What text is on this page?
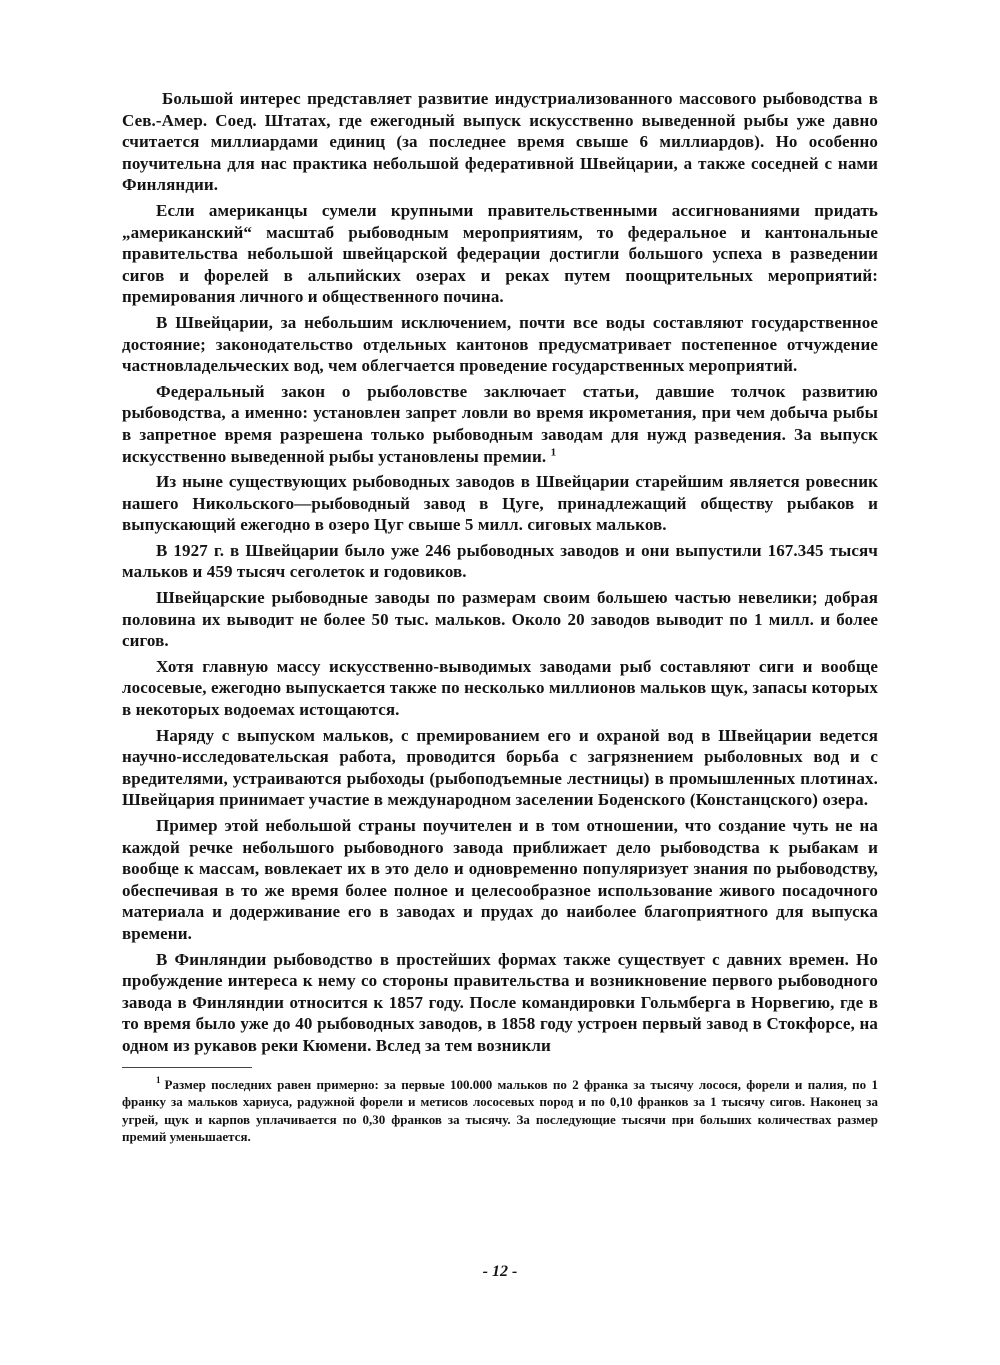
Большой интерес представляет развитие индустриализованного массового рыбоводства в Сев.-Амер. Соед. Штатах, где ежегодный выпуск искусственно выведенной рыбы уже давно считается миллиардами единиц (за последнее время свыше 6 миллиардов). Но особенно поучительна для нас практика небольшой федеративной Швейцарии, а также соседней с нами Финляндии.

Если американцы сумели крупными правительственными ассигнованиями придать „американский“ масштаб рыбоводным мероприятиям, то федеральное и кантональные правительства небольшой швейцарской федерации достигли большого успеха в разведении сигов и форелей в альпийских озерах и реках путем поощрительных мероприятий: премирования личного и общественного почина.

В Швейцарии, за небольшим исключением, почти все воды составляют государственное достояние; законодательство отдельных кантонов предусматривает постепенное отчуждение частновладельческих вод, чем облегчается проведение государственных мероприятий.

Федеральный закон о рыболовстве заключает статьи, давшие толчок развитию рыбоводства, а именно: установлен запрет ловли во время икрометания, при чем добыча рыбы в запретное время разрешена только рыбоводным заводам для нужд разведения. За выпуск искусственно выведенной рыбы установлены премии. $^1$

Из ныне существующих рыбоводных заводов в Швейцарии старейшим является ровесник нашего Никольского—рыбоводный завод в Цуге, принадлежащий обществу рыбаков и выпускающий ежегодно в озеро Цуг свыше 5 милл. сиговых мальков.

В 1927 г. в Швейцарии было уже 246 рыбоводных заводов и они выпустили 167.345 тысяч мальков и 459 тысяч сеголеток и годовиков.

Швейцарские рыбоводные заводы по размерам своим большею частью невелики; добрая половина их выводит не более 50 тыс. мальков. Около 20 заводов выводит по 1 милл. и более сигов.

Хотя главную массу искусственно-выводимых заводами рыб составляют сиги и вообще лососевые, ежегодно выпускается также по несколько миллионов мальков щук, запасы которых в некоторых водоемах истощаются.

Наряду с выпуском мальков, с премированием его и охраной вод в Швейцарии ведется научно-исследовательская работа, проводится борьба с загрязнением рыболовных вод и с вредителями, устраиваются рыбоходы (рыбоподъемные лестницы) в промышленных плотинах. Швейцария принимает участие в международном заселении Боденского (Констанцского) озера.

Пример этой небольшой страны поучителен и в том отношении, что создание чуть не на каждой речке небольшого рыбоводного завода приближает дело рыбоводства к рыбакам и вообще к массам, вовлекает их в это дело и одновременно популяризует знания по рыбоводству, обеспечивая в то же время более полное и целесообразное использование живого посадочного материала и додерживание его в заводах и прудах до наиболее благоприятного для выпуска времени.

В Финляндии рыбоводство в простейших формах также существует с давних времен. Но пробуждение интереса к нему со стороны правительства и возникновение первого рыбоводного завода в Финляндии относится к 1857 году. После командировки Гольмберга в Норвегию, где в то время было уже до 40 рыбоводных заводов, в 1858 году устроен первый завод в Стокфорсе, на одном из рукавов реки Кюмени. Вслед за тем возникли

$^1$ Размер последних равен примерно: за первые 100.000 мальков по 2 франка за тысячу лосося, форели и палия, по 1 франку за мальков хариуса, радужной форели и метисов лососевых пород и по 0,10 франков за 1 тысячу сигов. Наконец за угрей, щук и карпов уплачивается по 0,30 франков за тысячу. За последующие тысячи при больших количествах размер премий уменьшается.

- 12 -
